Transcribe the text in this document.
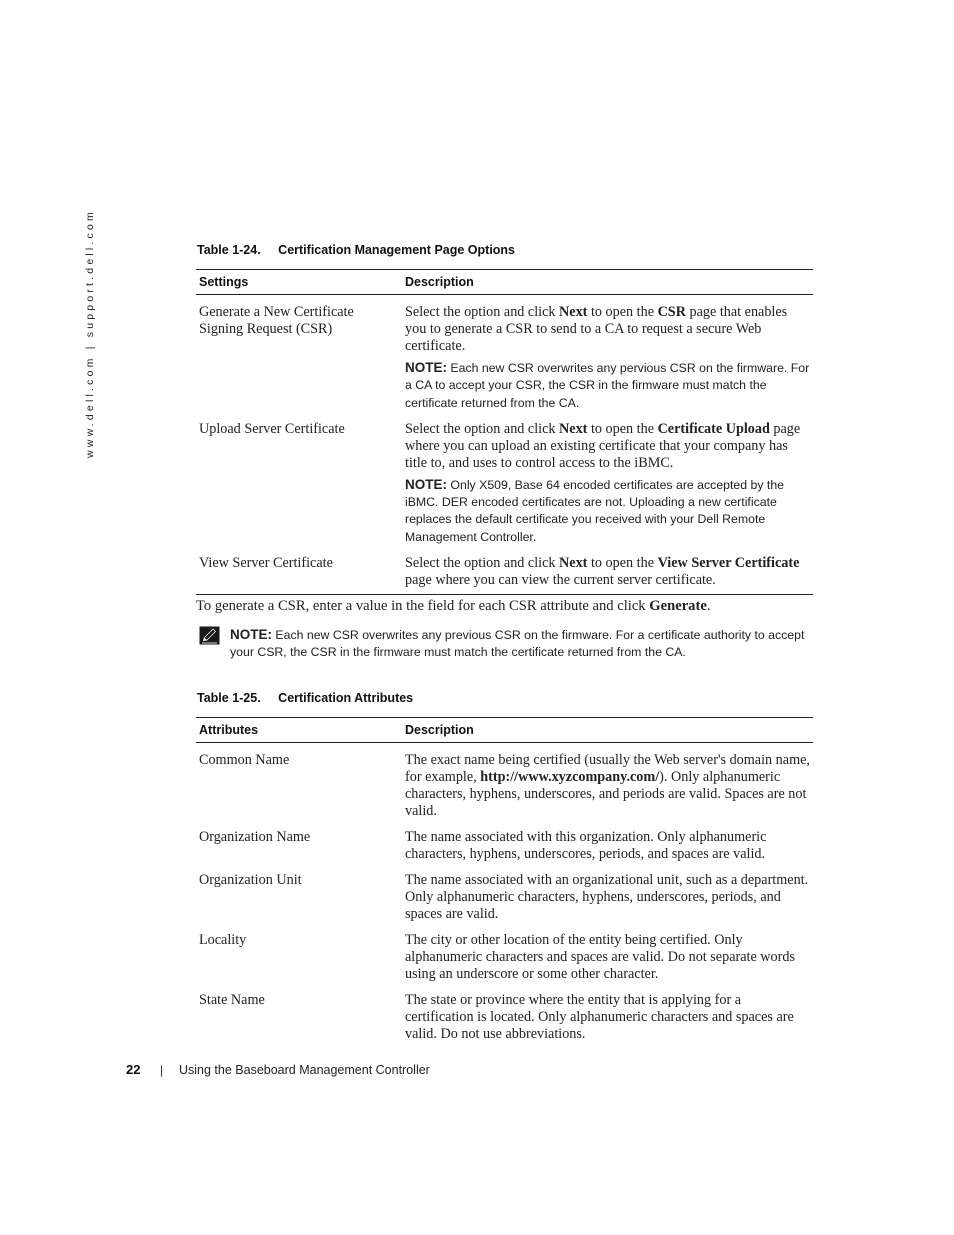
www.dell.com | support.dell.com	Table 1-24. Certification Management Page Options
Settings	Description
Generate a New Certificate Signing Request (CSR)	Select the option and click Next to open the CSR page that enables you to generate a CSR to send to a CA to request a secure Web certificate.
NOTE: Each new CSR overwrites any pervious CSR on the firmware. For a CA to accept your CSR, the CSR in the firmware must match the certificate returned from the CA.

Upload Server Certificate	Select the option and click Next to open the Certificate Upload page where you can upload an existing certificate that your company has title to, and uses to control access to the iBMC.
NOTE: Only X509, Base 64 encoded certificates are accepted by the iBMC. DER encoded certificates are not. Uploading a new certificate replaces the default certificate you received with your Dell Remote Management Controller.

View Server Certificate	Select the option and click Next to open the View Server Certificate page where you can view the current server certificate.
To generate a CSR, enter a value in the field for each CSR attribute and click Generate.
NOTE: Each new CSR overwrites any previous CSR on the firmware. For a certificate authority to accept your CSR, the CSR in the firmware must match the certificate returned from the CA.
Table 1-25. Certification Attributes
Attributes	Description
Common Name	The exact name being certified (usually the Web server's domain name, for example, http://www.xyzcompany.com/). Only alphanumeric characters, hyphens, underscores, and periods are valid. Spaces are not valid.
Organization Name	The name associated with this organization. Only alphanumeric characters, hyphens, underscores, periods, and spaces are valid.
Organization Unit	The name associated with an organizational unit, such as a department. Only alphanumeric characters, hyphens, underscores, periods, and spaces are valid.
Locality	The city or other location of the entity being certified. Only alphanumeric characters and spaces are valid. Do not separate words using an underscore or some other character.
State Name	The state or province where the entity that is applying for a certification is located. Only alphanumeric characters and spaces are valid. Do not use abbreviations.
22 | Using the Baseboard Management Controller
